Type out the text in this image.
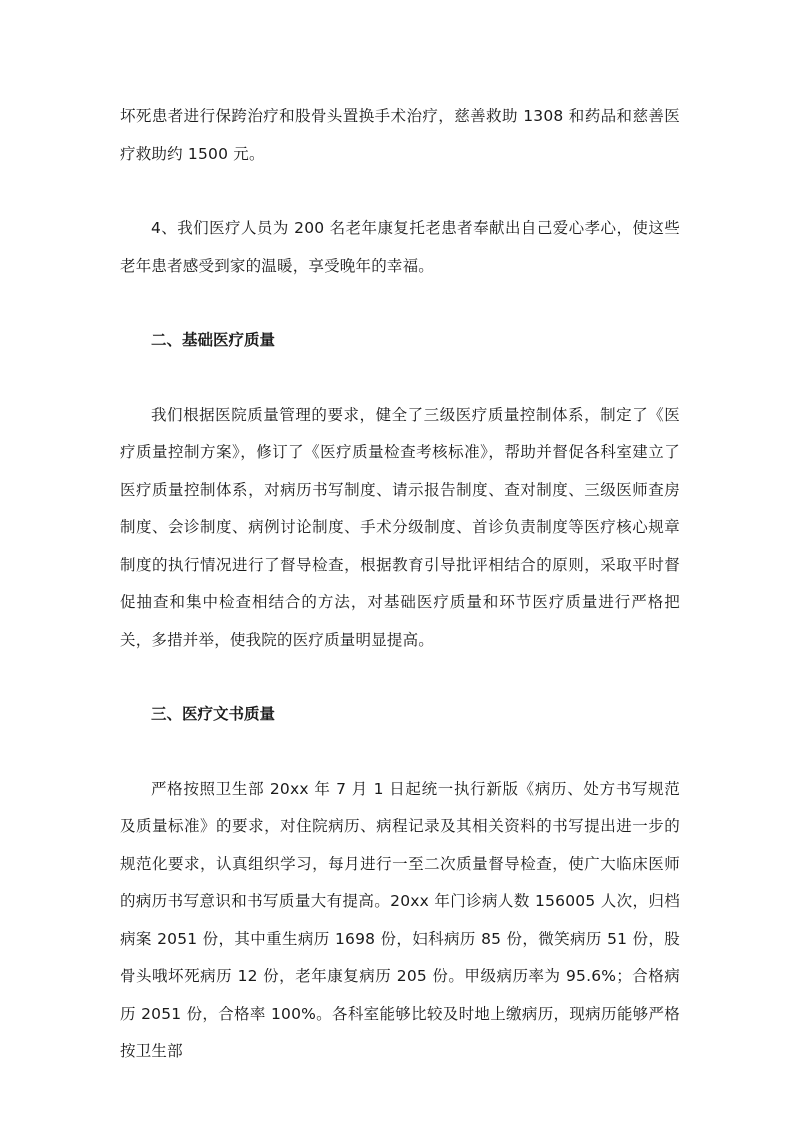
坏死患者进行保跨治疗和股骨头置换手术治疗，慈善救助 1308 和药品和慈善医疗救助约 1500 元。

4、我们医疗人员为 200 名老年康复托老患者奉献出自己爱心孝心，使这些老年患者感受到家的温暖，享受晚年的幸福。

二、基础医疗质量

我们根据医院质量管理的要求，健全了三级医疗质量控制体系，制定了《医疗质量控制方案》，修订了《医疗质量检查考核标准》，帮助并督促各科室建立了医疗质量控制体系，对病历书写制度、请示报告制度、查对制度、三级医师查房制度、会诊制度、病例讨论制度、手术分级制度、首诊负责制度等医疗核心规章制度的执行情况进行了督导检查，根据教育引导批评相结合的原则，采取平时督促抽查和集中检查相结合的方法，对基础医疗质量和环节医疗质量进行严格把关，多措并举，使我院的医疗质量明显提高。

三、医疗文书质量

严格按照卫生部 20xx 年 7 月 1 日起统一执行新版《病历、处方书写规范及质量标准》的要求，对住院病历、病程记录及其相关资料的书写提出进一步的规范化要求，认真组织学习，每月进行一至二次质量督导检查，使广大临床医师的病历书写意识和书写质量大有提高。20xx 年门诊病人数 156005 人次，归档病案 2051 份，其中重生病历 1698 份，妇科病历 85 份，微笑病历 51 份，股骨头哦坏死病历 12 份，老年康复病历 205 份。甲级病历率为 95.6%；合格病历 2051 份，合格率 100%。各科室能够比较及时地上缴病历，现病历能够严格按卫生部
